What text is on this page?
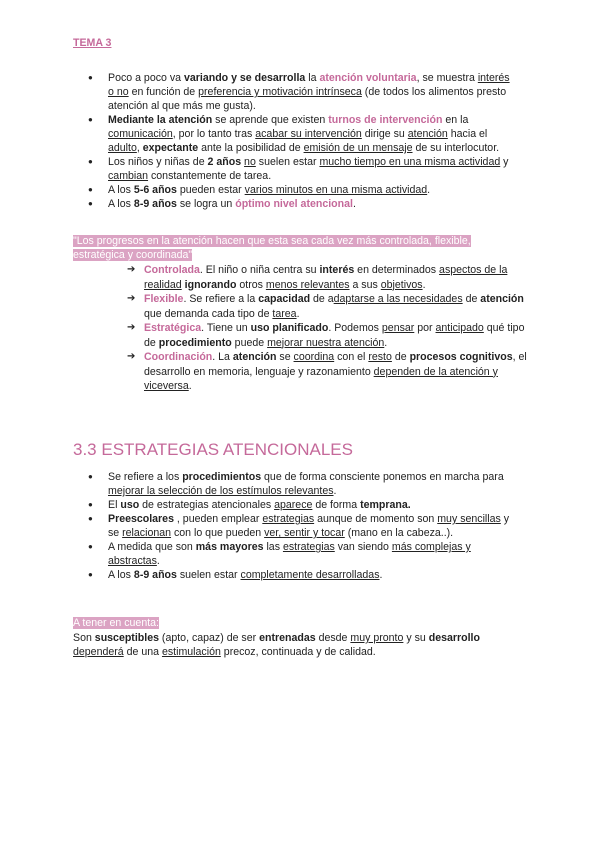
TEMA 3
● Poco a poco va variando y se desarrolla la atención voluntaria, se muestra interés o no en función de preferencia y motivación intrínseca (de todos los alimentos presto atención al que más me gusta).
● Mediante la atención se aprende que existen turnos de intervención en la comunicación, por lo tanto tras acabar su intervención dirige su atención hacia el adulto, expectante ante la posibilidad de emisión de un mensaje de su interlocutor.
● Los niños y niñas de 2 años no suelen estar mucho tiempo en una misma actividad y cambian constantemente de tarea.
● A los 5-6 años pueden estar varios minutos en una misma actividad.
● A los 8-9 años se logra un óptimo nivel atencional.
"Los progresos en la atención hacen que esta sea cada vez más controlada, flexible, estratégica y coordinada"
➔ Controlada. El niño o niña centra su interés en determinados aspectos de la realidad ignorando otros menos relevantes a sus objetivos.
➔ Flexible. Se refiere a la capacidad de adaptarse a las necesidades de atención que demanda cada tipo de tarea.
➔ Estratégica. Tiene un uso planificado. Podemos pensar por anticipado qué tipo de procedimiento puede mejorar nuestra atención.
➔ Coordinación. La atención se coordina con el resto de procesos cognitivos, el desarrollo en memoria, lenguaje y razonamiento dependen de la atención y viceversa.
3.3 ESTRATEGIAS ATENCIONALES
● Se refiere a los procedimientos que de forma consciente ponemos en marcha para mejorar la selección de los estímulos relevantes.
● El uso de estrategias atencionales aparece de forma temprana.
● Preescolares , pueden emplear estrategias aunque de momento son muy sencillas y se relacionan con lo que pueden ver, sentir y tocar (mano en la cabeza..).
● A medida que son más mayores las estrategias van siendo más complejas y abstractas.
● A los 8-9 años suelen estar completamente desarrolladas.
A tener en cuenta:
Son susceptibles (apto, capaz) de ser entrenadas desde muy pronto y su desarrollo dependerá de una estimulación precoz, continuada y de calidad.
